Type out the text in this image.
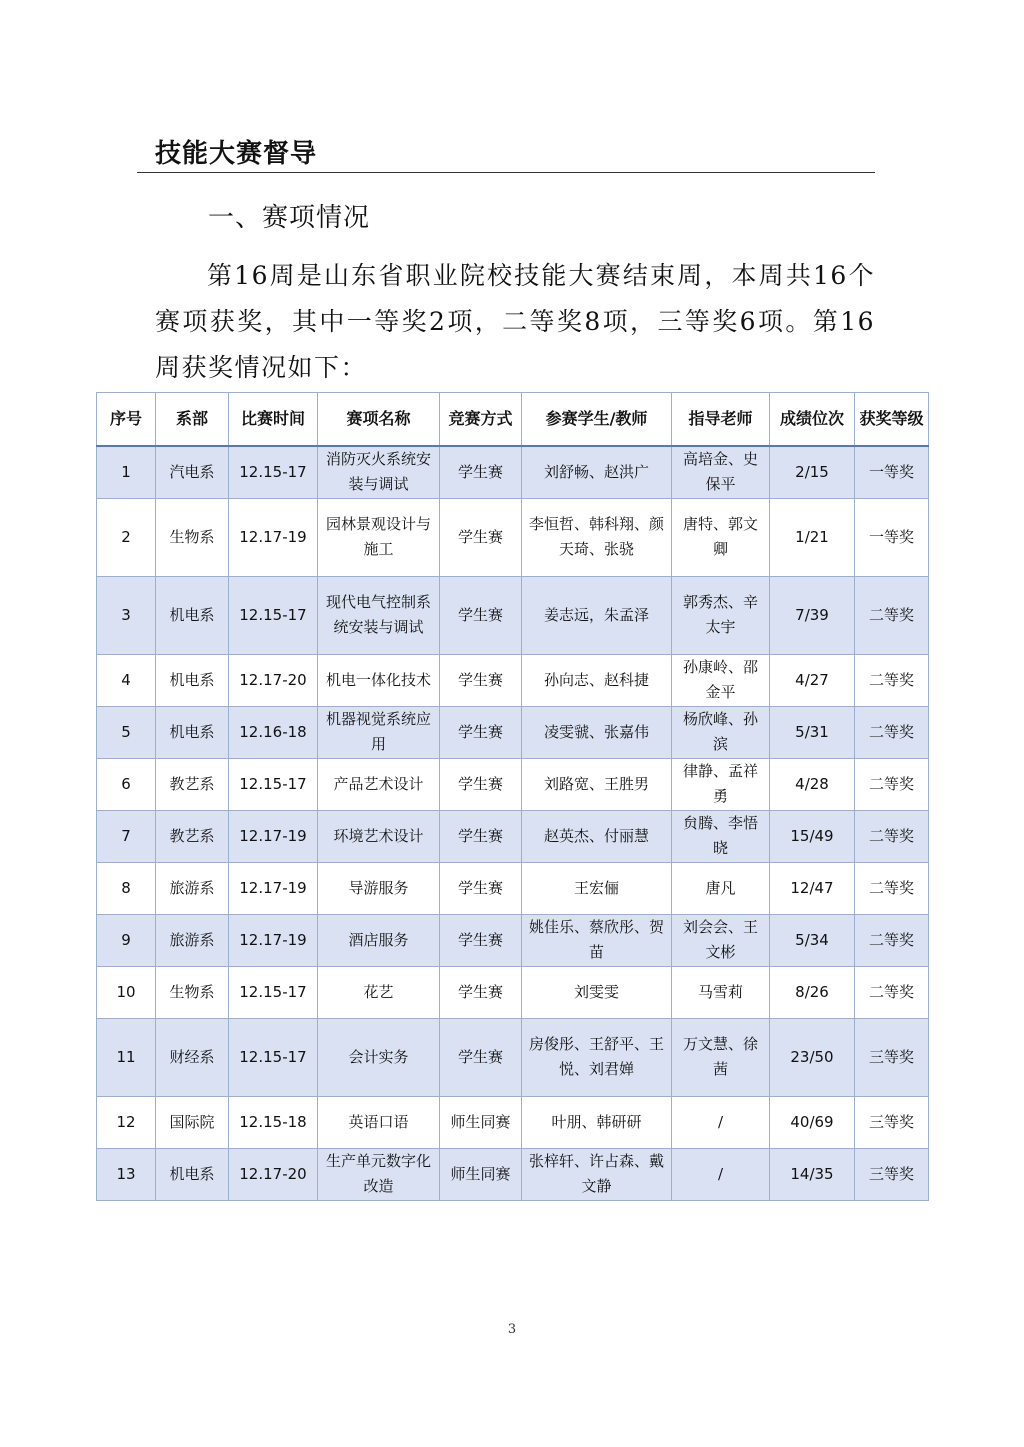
技能大赛督导
一、赛项情况

第16周是山东省职业院校技能大赛结束周，本周共16个赛项获奖，其中一等奖2项，二等奖8项，三等奖6项。第16周获奖情况如下：

序号	系部	比赛时间	赛项名称	竞赛方式	参赛学生/教师	指导老师	成绩位次	获奖等级
1	汽电系	12.15-17	消防灭火系统安装与调试	学生赛	刘舒畅、赵洪广	高培金、史保平	2/15	一等奖
2	生物系	12.17-19	园林景观设计与施工	学生赛	李恒哲、韩科翔、颜天琦、张骁	唐特、郭文卿	1/21	一等奖
3	机电系	12.15-17	现代电气控制系统安装与调试	学生赛	姜志远，朱孟泽	郭秀杰、辛太宇	7/39	二等奖
4	机电系	12.17-20	机电一体化技术	学生赛	孙向志、赵科捷	孙康岭、邵金平	4/27	二等奖
5	机电系	12.16-18	机器视觉系统应用	学生赛	凌雯虢、张嘉伟	杨欣峰、孙滨	5/31	二等奖
6	教艺系	12.15-17	产品艺术设计	学生赛	刘路宽、王胜男	律静、孟祥勇	4/28	二等奖
7	教艺系	12.17-19	环境艺术设计	学生赛	赵英杰、付丽慧	贠腾、李悟晓	15/49	二等奖
8	旅游系	12.17-19	导游服务	学生赛	王宏俪	唐凡	12/47	二等奖
9	旅游系	12.17-19	酒店服务	学生赛	姚佳乐、蔡欣彤、贺苗	刘会会、王文彬	5/34	二等奖
10	生物系	12.15-17	花艺	学生赛	刘雯雯	马雪莉	8/26	二等奖
11	财经系	12.15-17	会计实务	学生赛	房俊彤、王舒平、王悦、刘君婵	万文慧、徐茜	23/50	三等奖
12	国际院	12.15-18	英语口语	师生同赛	叶朋、韩研研	/	40/69	三等奖
13	机电系	12.17-20	生产单元数字化改造	师生同赛	张梓轩、许占森、戴文静	/	14/35	三等奖
3
